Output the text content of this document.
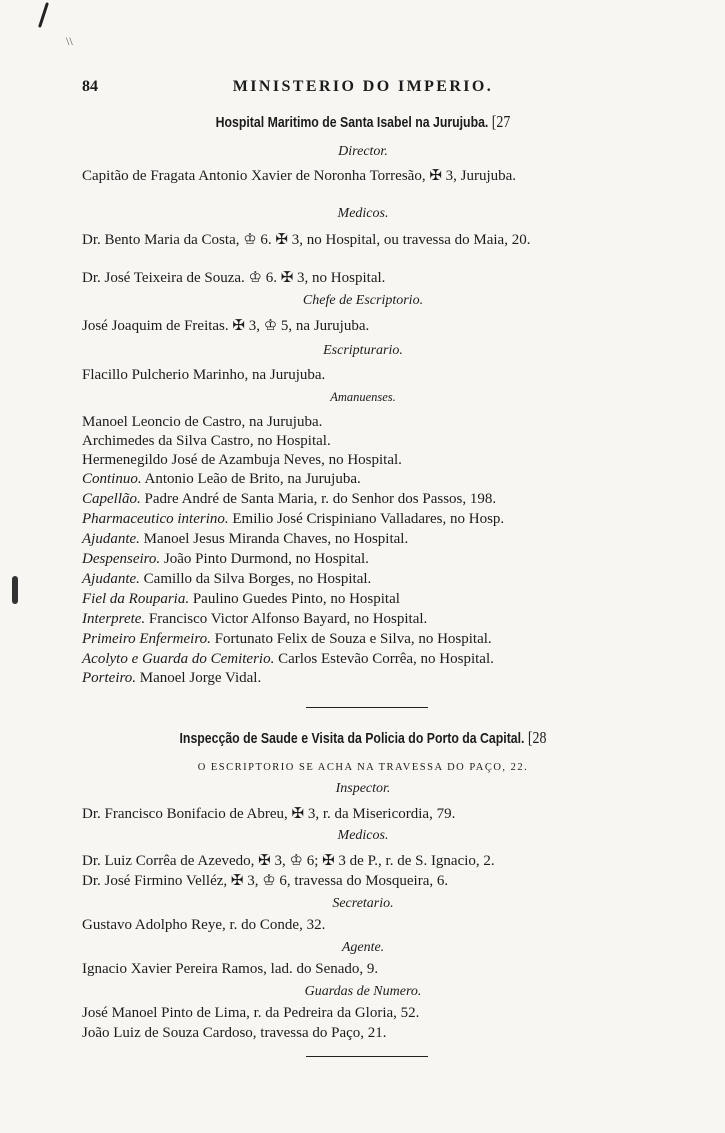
\\
84	MINISTERIO DO IMPERIO.
Hospital Maritimo de Santa Isabel na Jurujuba. [27
Director.
Capitão de Fragata Antonio Xavier de Noronha Torresão, ✠ 3, Jurujuba.
Medicos.
Dr. Bento Maria da Costa, ♔ 6. ✠ 3, no Hospital, ou travessa do Maia, 20.
Dr. José Teixeira de Souza. ♔ 6. ✠ 3, no Hospital.
Chefe de Escriptorio.
José Joaquim de Freitas. ✠ 3, ♔ 5, na Jurujuba.
Escripturario.
Flacillo Pulcherio Marinho, na Jurujuba.
Amanuenses.
Manoel Leoncio de Castro, na Jurujuba.
Archimedes da Silva Castro, no Hospital.
Hermenegildo José de Azambuja Neves, no Hospital.
Continuo. Antonio Leão de Brito, na Jurujuba.
Capellão. Padre André de Santa Maria, r. do Senhor dos Passos, 198.
Pharmaceutico interino. Emilio José Crispiniano Valladares, no Hosp.
Ajudante. Manoel Jesus Miranda Chaves, no Hospital.
Despenseiro. João Pinto Durmond, no Hospital.
Ajudante. Camillo da Silva Borges, no Hospital.
Fiel da Rouparia. Paulino Guedes Pinto, no Hospital
Interprete. Francisco Victor Alfonso Bayard, no Hospital.
Primeiro Enfermeiro. Fortunato Felix de Souza e Silva, no Hospital.
Acolyto e Guarda do Cemiterio. Carlos Estevão Corrêa, no Hospital.
Porteiro. Manoel Jorge Vidal.
Inspecção de Saude e Visita da Policia do Porto da Capital. [28
O ESCRIPTORIO SE ACHA NA TRAVESSA DO PAÇO, 22.
Inspector.
Dr. Francisco Bonifacio de Abreu, ✠ 3, r. da Misericordia, 79.
Medicos.
Dr. Luiz Corrêa de Azevedo, ✠ 3, ♔ 6; ✠ 3 de P., r. de S. Ignacio, 2.
Dr. José Firmino Velléz, ✠ 3, ♔ 6, travessa do Mosqueira, 6.
Secretario.
Gustavo Adolpho Reye, r. do Conde, 32.
Agente.
Ignacio Xavier Pereira Ramos, lad. do Senado, 9.
Guardas de Numero.
José Manoel Pinto de Lima, r. da Pedreira da Gloria, 52.
João Luiz de Souza Cardoso, travessa do Paço, 21.
